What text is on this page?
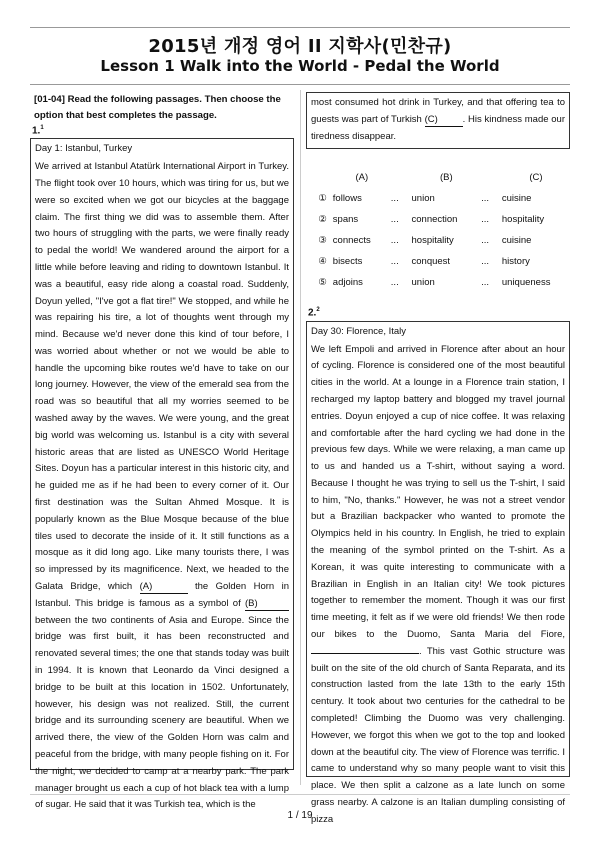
2015년 개정 영어 II 지학사(민찬규)
Lesson 1 Walk into the World - Pedal the World
[01-04] Read the following passages. Then choose the option that best completes the passage.
1.$^1$

Day 1: Istanbul, Turkey

We arrived at Istanbul Atatürk International Airport in Turkey. The flight took over 10 hours, which was tiring for us, but we were so excited when we got our bicycles at the baggage claim. The first thing we did was to assemble them. After two hours of struggling with the parts, we were finally ready to pedal the world! We wandered around the airport for a little while before leaving and riding to downtown Istanbul. It was a beautiful, easy ride along a coastal road. Suddenly, Doyun yelled, "I've got a flat tire!" We stopped, and while he was repairing his tire, a lot of thoughts went through my mind. Because we'd never done this kind of tour before, I was worried about whether or not we would be able to handle the upcoming bike routes we'd have to take on our long journey. However, the view of the emerald sea from the road was so beautiful that all my worries seemed to be washed away by the waves. We were young, and the great big world was welcoming us. Istanbul is a city with several historic areas that are listed as UNESCO World Heritage Sites. Doyun has a particular interest in this historic city, and he guided me as if he had been to every corner of it. Our first destination was the Sultan Ahmed Mosque. It is popularly known as the Blue Mosque because of the blue tiles used to decorate the inside of it. It still functions as a mosque as it did long ago. Like many tourists there, I was so impressed by its magnificence. Next, we headed to the Galata Bridge, which (A)	the Golden Horn in Istanbul. This bridge is famous as a symbol of (B) between the two continents of Asia and Europe. Since the bridge was first built, it has been reconstructed and renovated several times; the one that stands today was built in 1994. It is known that Leonardo da Vinci designed a bridge to be built at this location in 1502. Unfortunately, however, his design was not realized. Still, the current bridge and its surrounding scenery are beautiful. When we arrived there, the view of the Golden Horn was calm and peaceful from the bridge, with many people fishing on it. For the night, we decided to camp at a nearby park. The park manager brought us each a cup of hot black tea with a lump of sugar. He said that it was Turkish tea, which is the

most consumed hot drink in Turkey, and that offering tea to guests was part of Turkish (C)	. His kindness made our tiredness disappear.

	(A)		(B)		(C)
①	follows	...	union	...	cuisine
②	spans	...	connection	...	hospitality
③	connects	...	hospitality	...	cuisine
④	bisects	...	conquest	...	history
⑤	adjoins	...	union	...	uniqueness
2.$^2$

Day 30: Florence, Italy

We left Empoli and arrived in Florence after about an hour of cycling. Florence is considered one of the most beautiful cities in the world. At a lounge in a Florence train station, I recharged my laptop battery and blogged my travel journal entries. Doyun enjoyed a cup of nice coffee. It was relaxing and comfortable after the hard cycling we had done in the previous few days. While we were relaxing, a man came up to us and handed us a T-shirt, without saying a word. Because I thought he was trying to sell us the T-shirt, I said to him, "No, thanks." However, he was not a street vendor but a Brazilian backpacker who wanted to promote the Olympics held in his country. In English, he tried to explain the meaning of the symbol printed on the T-shirt. As a Korean, it was quite interesting to communicate with a Brazilian in English in an Italian city! We took pictures together to remember the moment. Though it was our first time meeting, it felt as if we were old friends! We then rode our bikes to the Duomo, Santa Maria del Fiore, . This vast Gothic structure was built on the site of the old church of Santa Reparata, and its construction lasted from the late 13th to the early 15th century. It took about two centuries for the cathedral to be completed! Climbing the Duomo was very challenging. However, we forgot this when we got to the top and looked down at the beautiful city. The view of Florence was terrific. I came to understand why so many people want to visit this place. We then split a calzone as a late lunch on some grass nearby. A calzone is an Italian dumpling consisting of pizza

1 / 19
